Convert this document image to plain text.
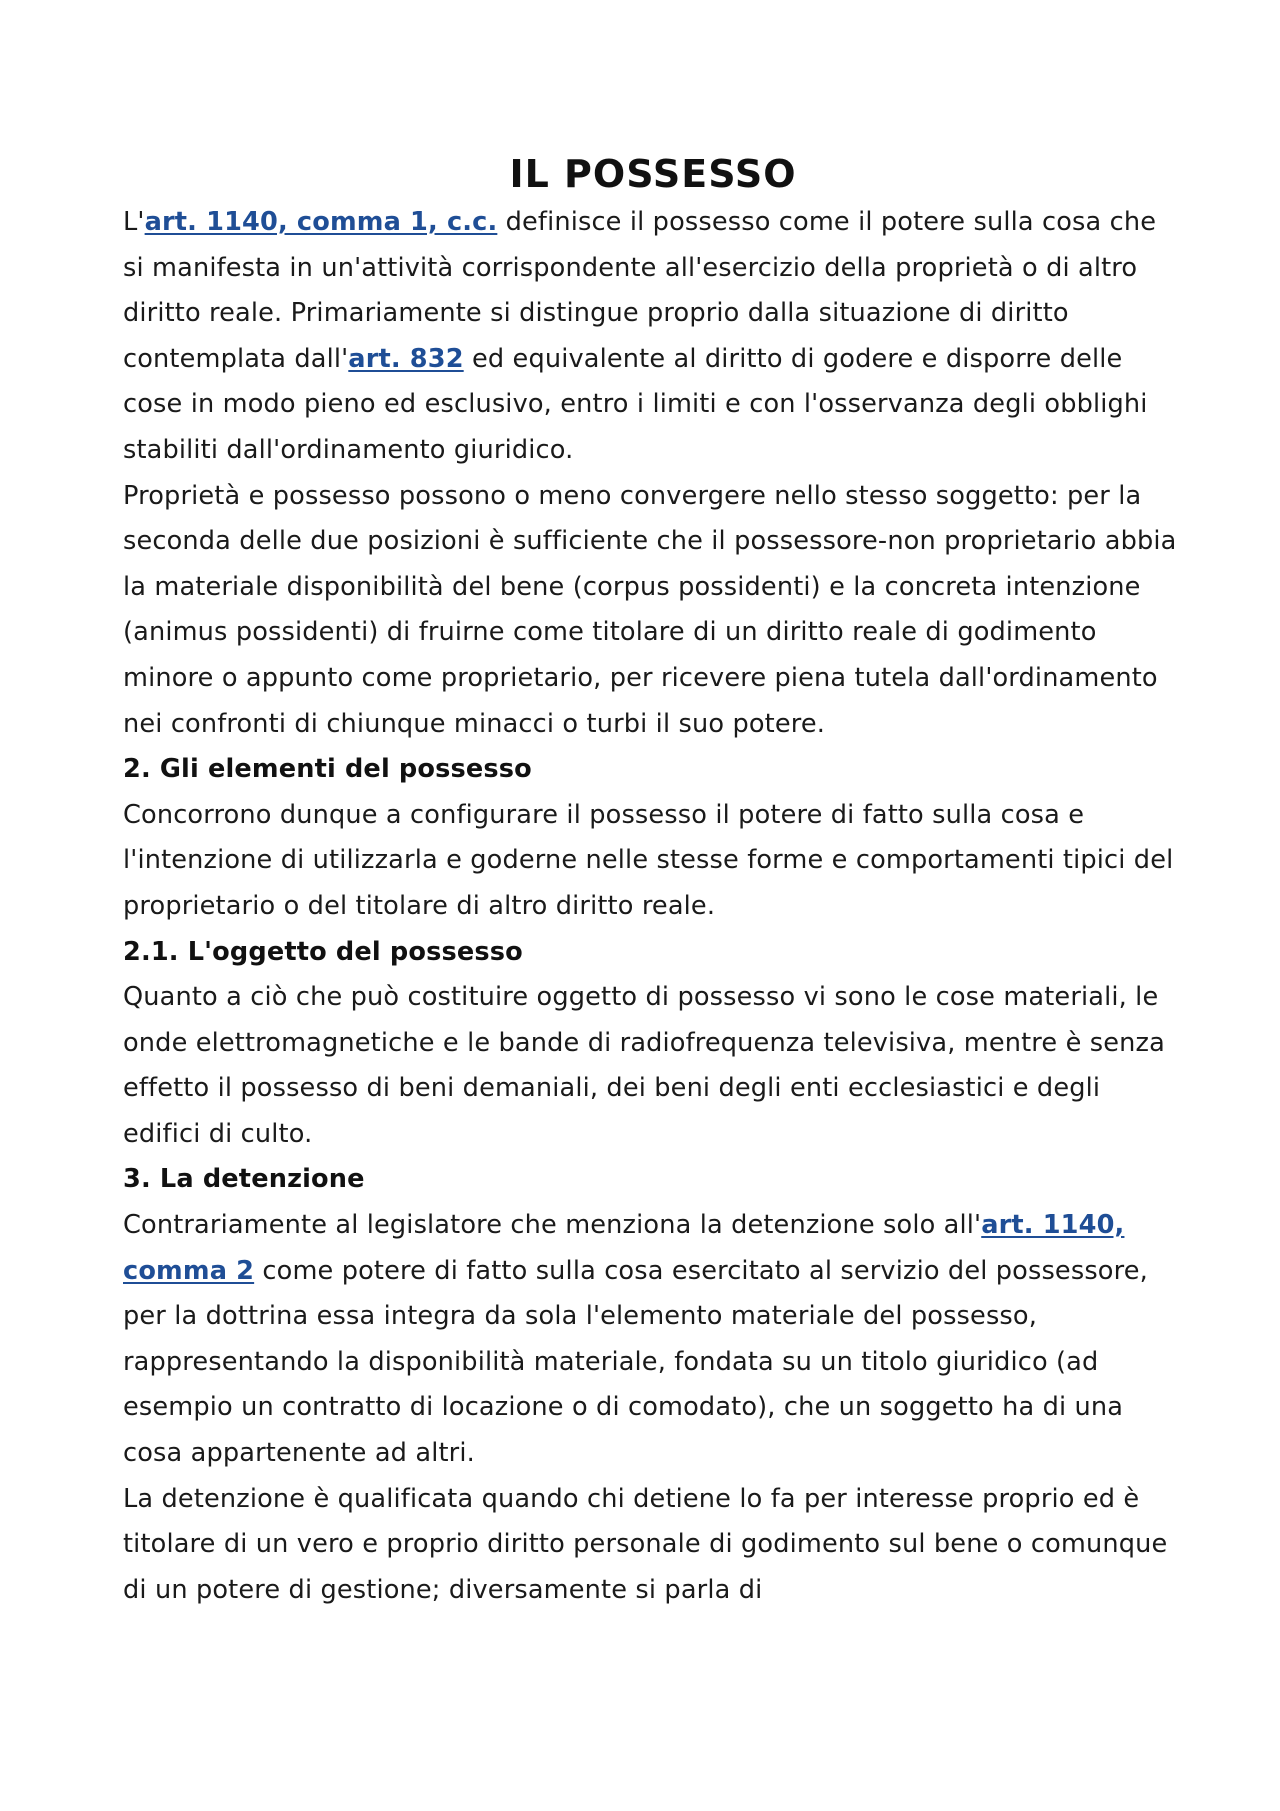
IL POSSESSO

L'art. 1140, comma 1, c.c. definisce il possesso come il potere sulla cosa che si manifesta in un'attività corrispondente all'esercizio della proprietà o di altro diritto reale. Primariamente si distingue proprio dalla situazione di diritto contemplata dall'art. 832 ed equivalente al diritto di godere e disporre delle cose in modo pieno ed esclusivo, entro i limiti e con l'osservanza degli obblighi stabiliti dall'ordinamento giuridico.

Proprietà e possesso possono o meno convergere nello stesso soggetto: per la seconda delle due posizioni è sufficiente che il possessore-non proprietario abbia la materiale disponibilità del bene (corpus possidenti) e la concreta intenzione (animus possidenti) di fruirne come titolare di un diritto reale di godimento minore o appunto come proprietario, per ricevere piena tutela dall'ordinamento nei confronti di chiunque minacci o turbi il suo potere.

2. Gli elementi del possesso

Concorrono dunque a configurare il possesso il potere di fatto sulla cosa e l'intenzione di utilizzarla e goderne nelle stesse forme e comportamenti tipici del proprietario o del titolare di altro diritto reale.

2.1. L'oggetto del possesso

Quanto a ciò che può costituire oggetto di possesso vi sono le cose materiali, le onde elettromagnetiche e le bande di radiofrequenza televisiva, mentre è senza effetto il possesso di beni demaniali, dei beni degli enti ecclesiastici e degli edifici di culto.

3. La detenzione

Contrariamente al legislatore che menziona la detenzione solo all'art. 1140, comma 2 come potere di fatto sulla cosa esercitato al servizio del possessore, per la dottrina essa integra da sola l'elemento materiale del possesso, rappresentando la disponibilità materiale, fondata su un titolo giuridico (ad esempio un contratto di locazione o di comodato), che un soggetto ha di una cosa appartenente ad altri.

La detenzione è qualificata quando chi detiene lo fa per interesse proprio ed è titolare di un vero e proprio diritto personale di godimento sul bene o comunque di un potere di gestione; diversamente si parla di
